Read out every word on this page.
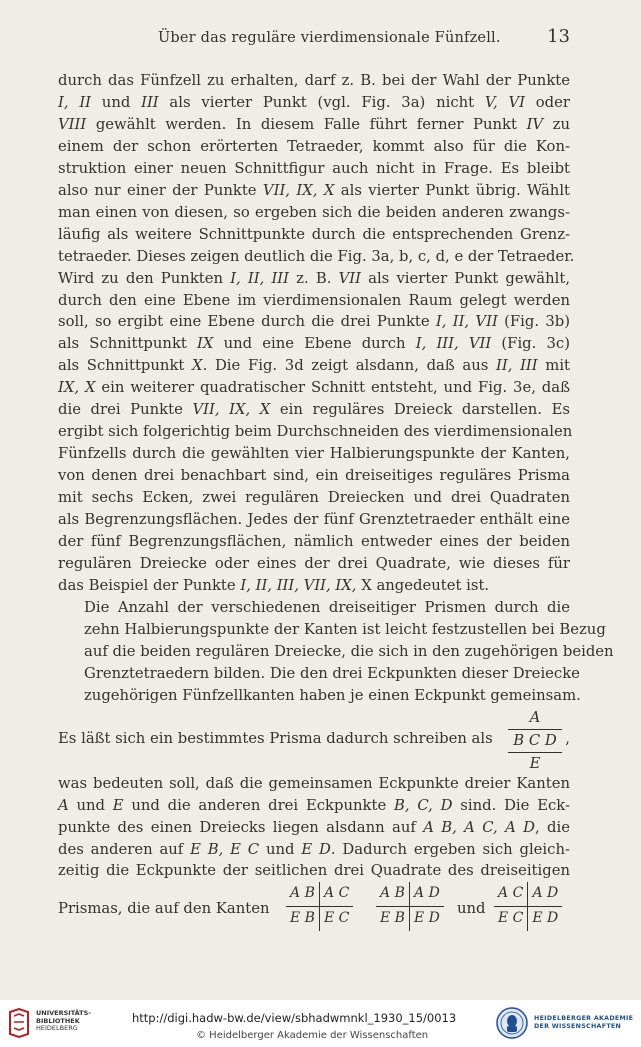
Über das reguläre vierdimensionale Fünfzell.	13

durch das Fünfzell zu erhalten, darf z. B. bei der Wahl der Punkte
I, II und III als vierter Punkt (vgl. Fig. 3a) nicht V, VI oder
VIII gewählt werden. In diesem Falle führt ferner Punkt IV zu
einem der schon erörterten Tetraeder, kommt also für die Kon-
struktion einer neuen Schnittfigur auch nicht in Frage. Es bleibt
also nur einer der Punkte VII, IX, X als vierter Punkt übrig. Wählt
man einen von diesen, so ergeben sich die beiden anderen zwangs-
läufig als weitere Schnittpunkte durch die entsprechenden Grenz-
tetraeder. Dieses zeigen deutlich die Fig. 3a, b, c, d, e der Tetraeder.
Wird zu den Punkten I, II, III z. B. VII als vierter Punkt gewählt,
durch den eine Ebene im vierdimensionalen Raum gelegt werden
soll, so ergibt eine Ebene durch die drei Punkte I, II, VII (Fig. 3b)
als Schnittpunkt IX und eine Ebene durch I, III, VII (Fig. 3c)
als Schnittpunkt X. Die Fig. 3d zeigt alsdann, daß aus II, III mit
IX, X ein weiterer quadratischer Schnitt entsteht, und Fig. 3e, daß
die drei Punkte VII, IX, X ein reguläres Dreieck darstellen. Es
ergibt sich folgerichtig beim Durchschneiden des vierdimensionalen
Fünfzells durch die gewählten vier Halbierungspunkte der Kanten,
von denen drei benachbart sind, ein dreiseitiges reguläres Prisma
mit sechs Ecken, zwei regulären Dreiecken und drei Quadraten
als Begrenzungsflächen. Jedes der fünf Grenztetraeder enthält eine
der fünf Begrenzungsflächen, nämlich entweder eines der beiden
regulären Dreiecke oder eines der drei Quadrate, wie dieses für
das Beispiel der Punkte I, II, III, VII, IX, X angedeutet ist.

Die Anzahl der verschiedenen dreiseitiger Prismen durch die
zehn Halbierungspunkte der Kanten ist leicht festzustellen bei Bezug
auf die beiden regulären Dreiecke, die sich in den zugehörigen beiden
Grenztetraedern bilden. Die den drei Eckpunkten dieser Dreiecke
zugehörigen Fünfzellkanten haben je einen Eckpunkt gemeinsam.

Es läßt sich ein bestimmtes Prisma dadurch schreiben als
A
B C D
E
,

was bedeuten soll, daß die gemeinsamen Eckpunkte dreier Kanten
A und E und die anderen drei Eckpunkte B, C, D sind. Die Eck-
punkte des einen Dreiecks liegen alsdann auf A B, A C, A D, die
des anderen auf E B, E C und E D. Dadurch ergeben sich gleich-
zeitig die Eckpunkte der seitlichen drei Quadrate des dreiseitigen

Prismas, die auf den Kanten
A B	A C
E B	E C
A B	A D
E B	E D
und
A C	A D
E C	E D
UNIVERSITÄTS-
BIBLIOTHEK
HEIDELBERG
http://digi.hadw-bw.de/view/sbhadwmnkl_1930_15/0013
© Heidelberger Akademie der Wissenschaften
HEIDELBERGER AKADEMIE
DER WISSENSCHAFTEN
